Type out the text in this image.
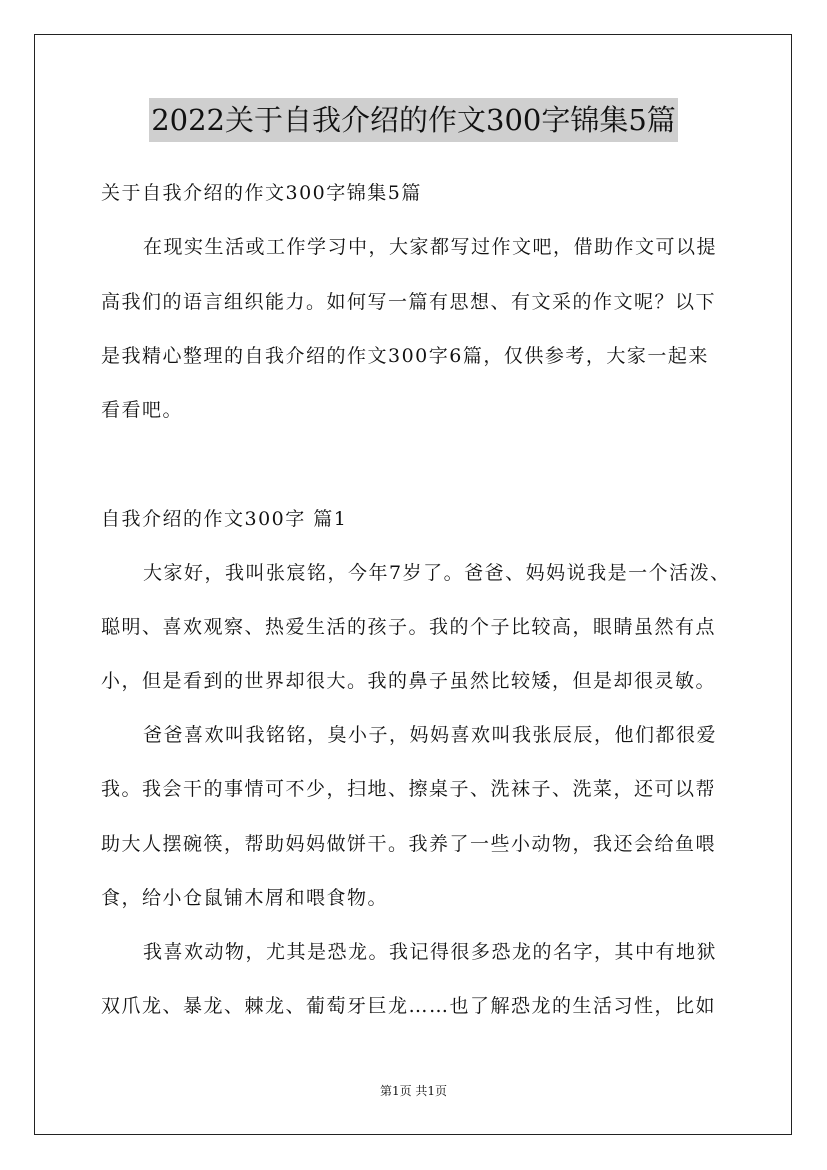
2022关于自我介绍的作文300字锦集5篇
关于自我介绍的作文300字锦集5篇
在现实生活或工作学习中，大家都写过作文吧，借助作文可以提
高我们的语言组织能力。如何写一篇有思想、有文采的作文呢？以下
是我精心整理的自我介绍的作文300字6篇，仅供参考，大家一起来
看看吧。
自我介绍的作文300字 篇1
大家好，我叫张宸铭，今年7岁了。爸爸、妈妈说我是一个活泼、
聪明、喜欢观察、热爱生活的孩子。我的个子比较高，眼睛虽然有点
小，但是看到的世界却很大。我的鼻子虽然比较矮，但是却很灵敏。
爸爸喜欢叫我铭铭，臭小子，妈妈喜欢叫我张辰辰，他们都很爱
我。我会干的事情可不少，扫地、擦桌子、洗袜子、洗菜，还可以帮
助大人摆碗筷，帮助妈妈做饼干。我养了一些小动物，我还会给鱼喂
食，给小仓鼠铺木屑和喂食物。
我喜欢动物，尤其是恐龙。我记得很多恐龙的名字，其中有地狱
双爪龙、暴龙、棘龙、葡萄牙巨龙……也了解恐龙的生活习性，比如
第1页 共1页
